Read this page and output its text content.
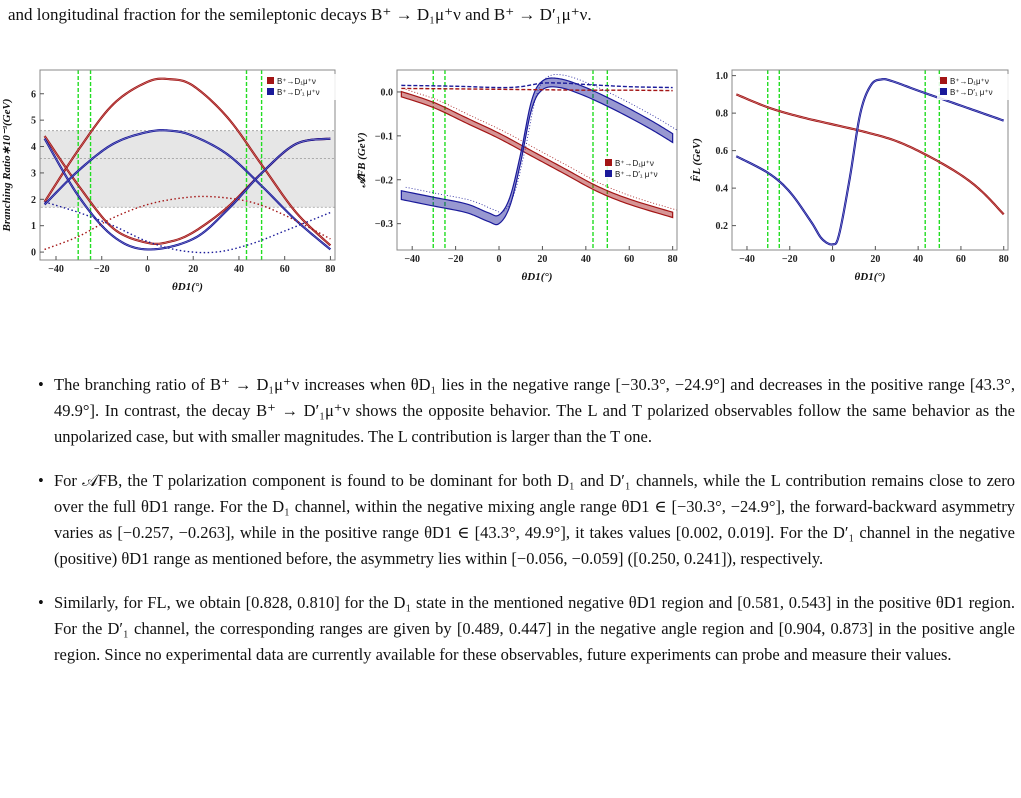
and longitudinal fraction for the semileptonic decays B⁺ → D₁μ⁺ν and B⁺ → D′₁μ⁺ν.
−40	−20	0	20	40	60	80
0
1
2
3
4
5
6
θD1(°)
Branching Ratio∗10⁻³(GeV)
B⁺→D₁μ⁺ν
B⁺→D′₁ μ⁺ν
−40	−20	0	20	40	60	80
0.0
−0.1
−0.2
−0.3
θD1(°)
𝒜̂FB (GeV)	B⁺→D₁μ⁺ν
B⁺→D′₁ μ⁺ν
−40	−20	0	20	40	60	80
0.2
0.4
0.6
0.8
1.0
θD1(°)
F̂L (GeV)
B⁺→D₁μ⁺ν
B⁺→D′₁ μ⁺ν
• The branching ratio of B⁺ → D₁μ⁺ν increases when θD₁ lies in the negative range [−30.3°, −24.9°] and decreases in the positive range [43.3°, 49.9°]. In contrast, the decay B⁺ → D′₁μ⁺ν shows the opposite behavior. The L and T polarized observables follow the same behavior as the unpolarized case, but with smaller magnitudes. The L contribution is larger than the T one.
• For 𝒜FB, the T polarization component is found to be dominant for both D₁ and D′₁ channels, while the L contribution remains close to zero over the full θD1 range. For the D₁ channel, within the negative mixing angle range θD1 ∈ [−30.3°, −24.9°], the forward-backward asymmetry varies as [−0.257, −0.263], while in the positive range θD1 ∈ [43.3°, 49.9°], it takes values [0.002, 0.019]. For the D′₁ channel in the negative (positive) θD1 range as mentioned before, the asymmetry lies within [−0.056, −0.059] ([0.250, 0.241]), respectively.
• Similarly, for FL, we obtain [0.828, 0.810] for the D₁ state in the mentioned negative θD1 region and [0.581, 0.543] in the positive θD1 region. For the D′₁ channel, the corresponding ranges are given by [0.489, 0.447] in the negative angle region and [0.904, 0.873] in the positive angle region. Since no experimental data are currently available for these observables, future experiments can probe and measure their values.
